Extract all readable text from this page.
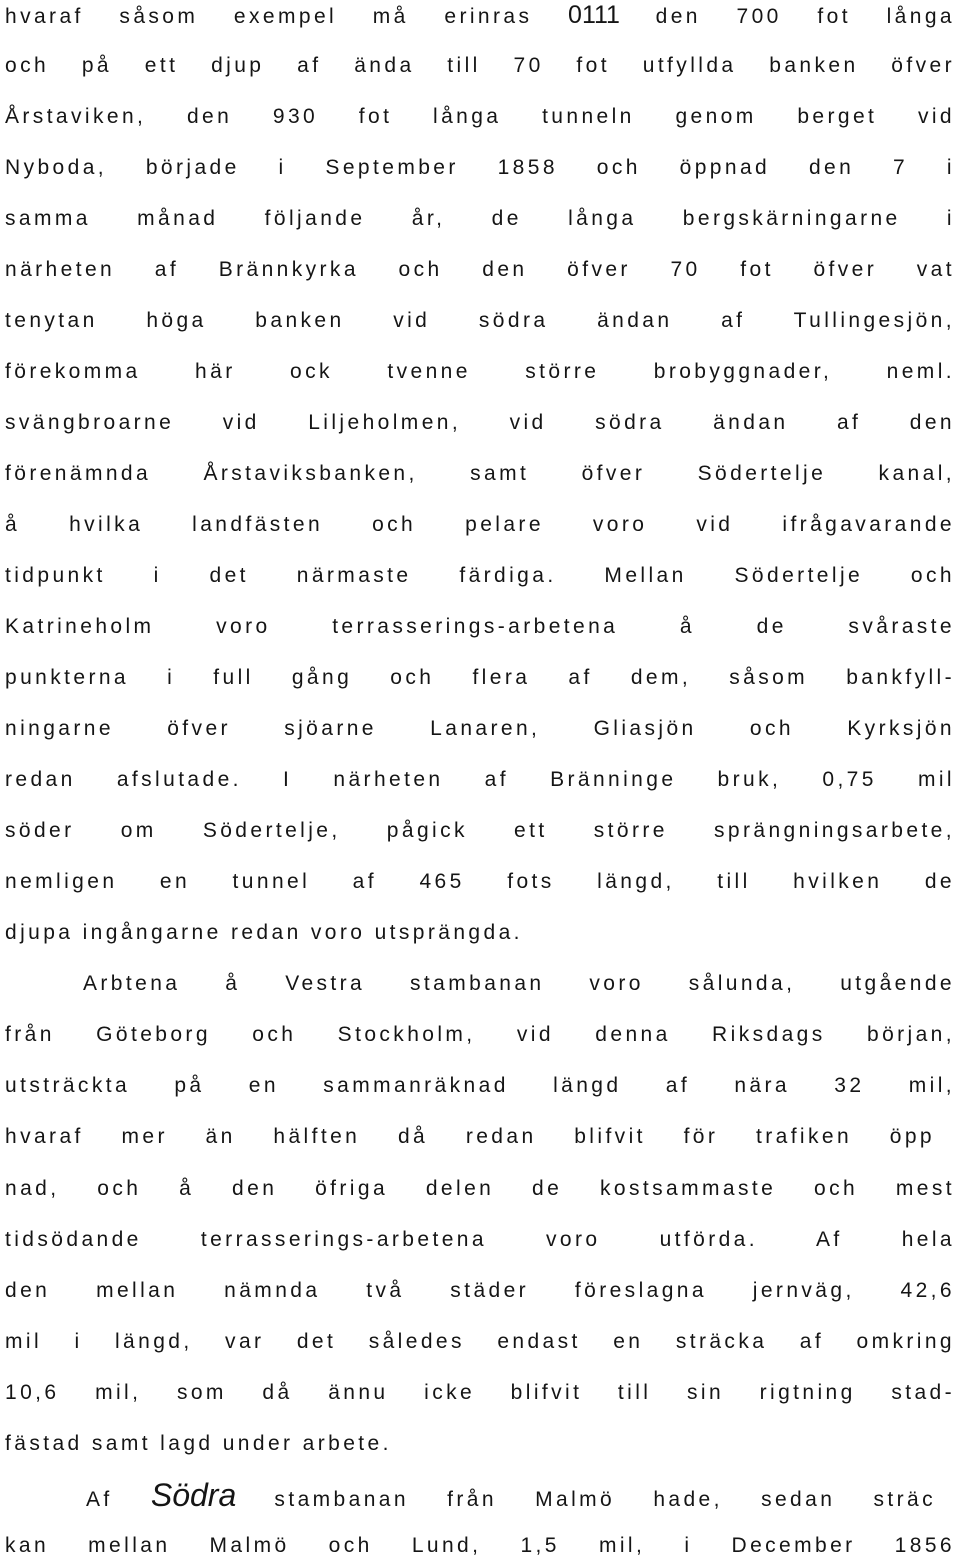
hvaraf såsom exempel må erinras 0111 den 700 fot långa
och på ett djup af ända till 70 fot utfyllda banken öfver
Årstaviken, den 930 fot långa tunneln genom berget vid
Nyboda, började i September 1858 och öppnad den 7 i
samma månad följande år, de långa bergskärningarne i
närheten af Brännkyrka och den öfver 70 fot öfver vat
tenytan höga banken vid södra ändan af Tullingesjön,
förekomma här ock tvenne större brobyggnader, neml.
svängbroarne vid Liljeholmen, vid södra ändan af den
förenämnda Årstaviksbanken, samt öfver Södertelje kanal,
å hvilka landfästen och pelare voro vid ifrågavarande
tidpunkt i det närmaste färdiga. Mellan Södertelje och
Katrineholm voro terrasserings-arbetena å de svåraste
punkterna i full gång och flera af dem, såsom bankfyll-
ningarne öfver sjöarne Lanaren, Gliasjön och Kyrksjön
redan afslutade. I närheten af Bränninge bruk, 0,75 mil
söder om Södertelje, pågick ett större sprängningsarbete,
nemligen en tunnel af 465 fots längd, till hvilken de
djupa ingångarne redan voro utsprängda.
Arbtena å Vestra stambanan voro sålunda, utgående
från Göteborg och Stockholm, vid denna Riksdags början,
utsträckta på en sammanräknad längd af nära 32 mil,
hvaraf mer än hälften då redan blifvit för trafiken öpp
nad, och å den öfriga delen de kostsammaste och mest
tidsödande terrasserings-arbetena voro utförda. Af hela
den mellan nämnda två städer föreslagna jernväg, 42,6
mil i längd, var det således endast en sträcka af omkring
10,6 mil, som då ännu icke blifvit till sin rigtning stad-
fästad samt lagd under arbete.
Af Södra stambanan från Malmö hade, sedan sträc
kan mellan Malmö och Lund, 1,5 mil, i December 1856
